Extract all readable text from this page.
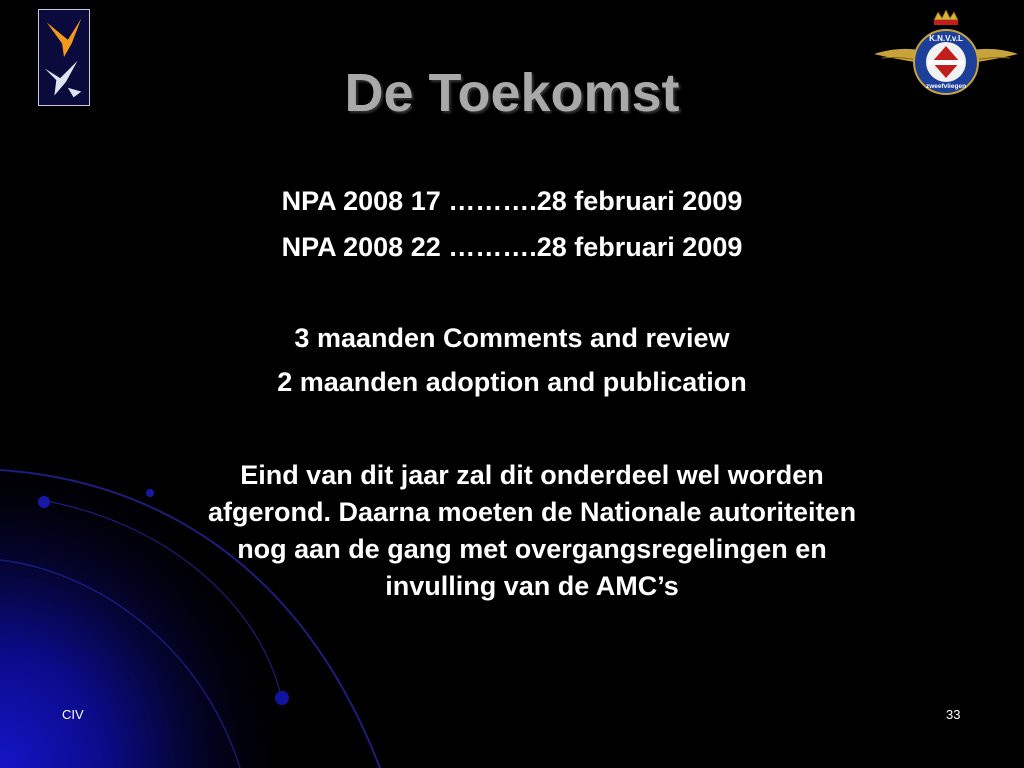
K.N.V.v.L
zweefvliegen
De Toekomst
NPA 2008 17 ……….28 februari 2009
NPA 2008 22 ……….28 februari 2009
3 maanden Comments and review
2 maanden adoption and publication
Eind van dit jaar zal dit onderdeel wel worden
afgerond. Daarna moeten de Nationale autoriteiten
nog aan de gang met overgangsregelingen en
invulling van de AMC’s
CIV	33
